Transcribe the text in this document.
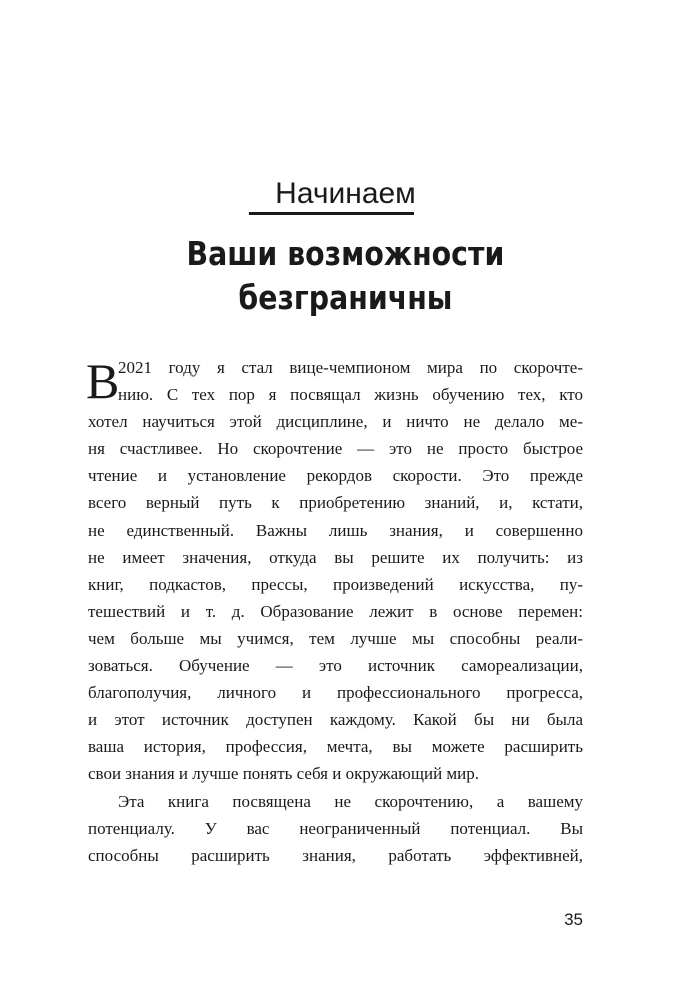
Начинаем
Ваши возможности
безграничны
В
2021 году я стал вице-чемпионом мира по скорочте-
нию. С тех пор я посвящал жизнь обучению тех, кто
хотел научиться этой дисциплине, и ничто не делало ме-
ня счастливее. Но скорочтение — это не просто быстрое
чтение и установление рекордов скорости. Это прежде
всего верный путь к приобретению знаний, и, кстати,
не единственный. Важны лишь знания, и совершенно
не имеет значения, откуда вы решите их получить: из
книг, подкастов, прессы, произведений искусства, пу-
тешествий и т. д. Образование лежит в основе перемен:
чем больше мы учимся, тем лучше мы способны реали-
зоваться. Обучение — это источник самореализации,
благополучия, личного и профессионального прогресса,
и этот источник доступен каждому. Какой бы ни была
ваша история, профессия, мечта, вы можете расширить
свои знания и лучше понять себя и окружающий мир.
Эта книга посвящена не скорочтению, а вашему
потенциалу. У вас неограниченный потенциал. Вы
способны расширить знания, работать эффективней,
35
